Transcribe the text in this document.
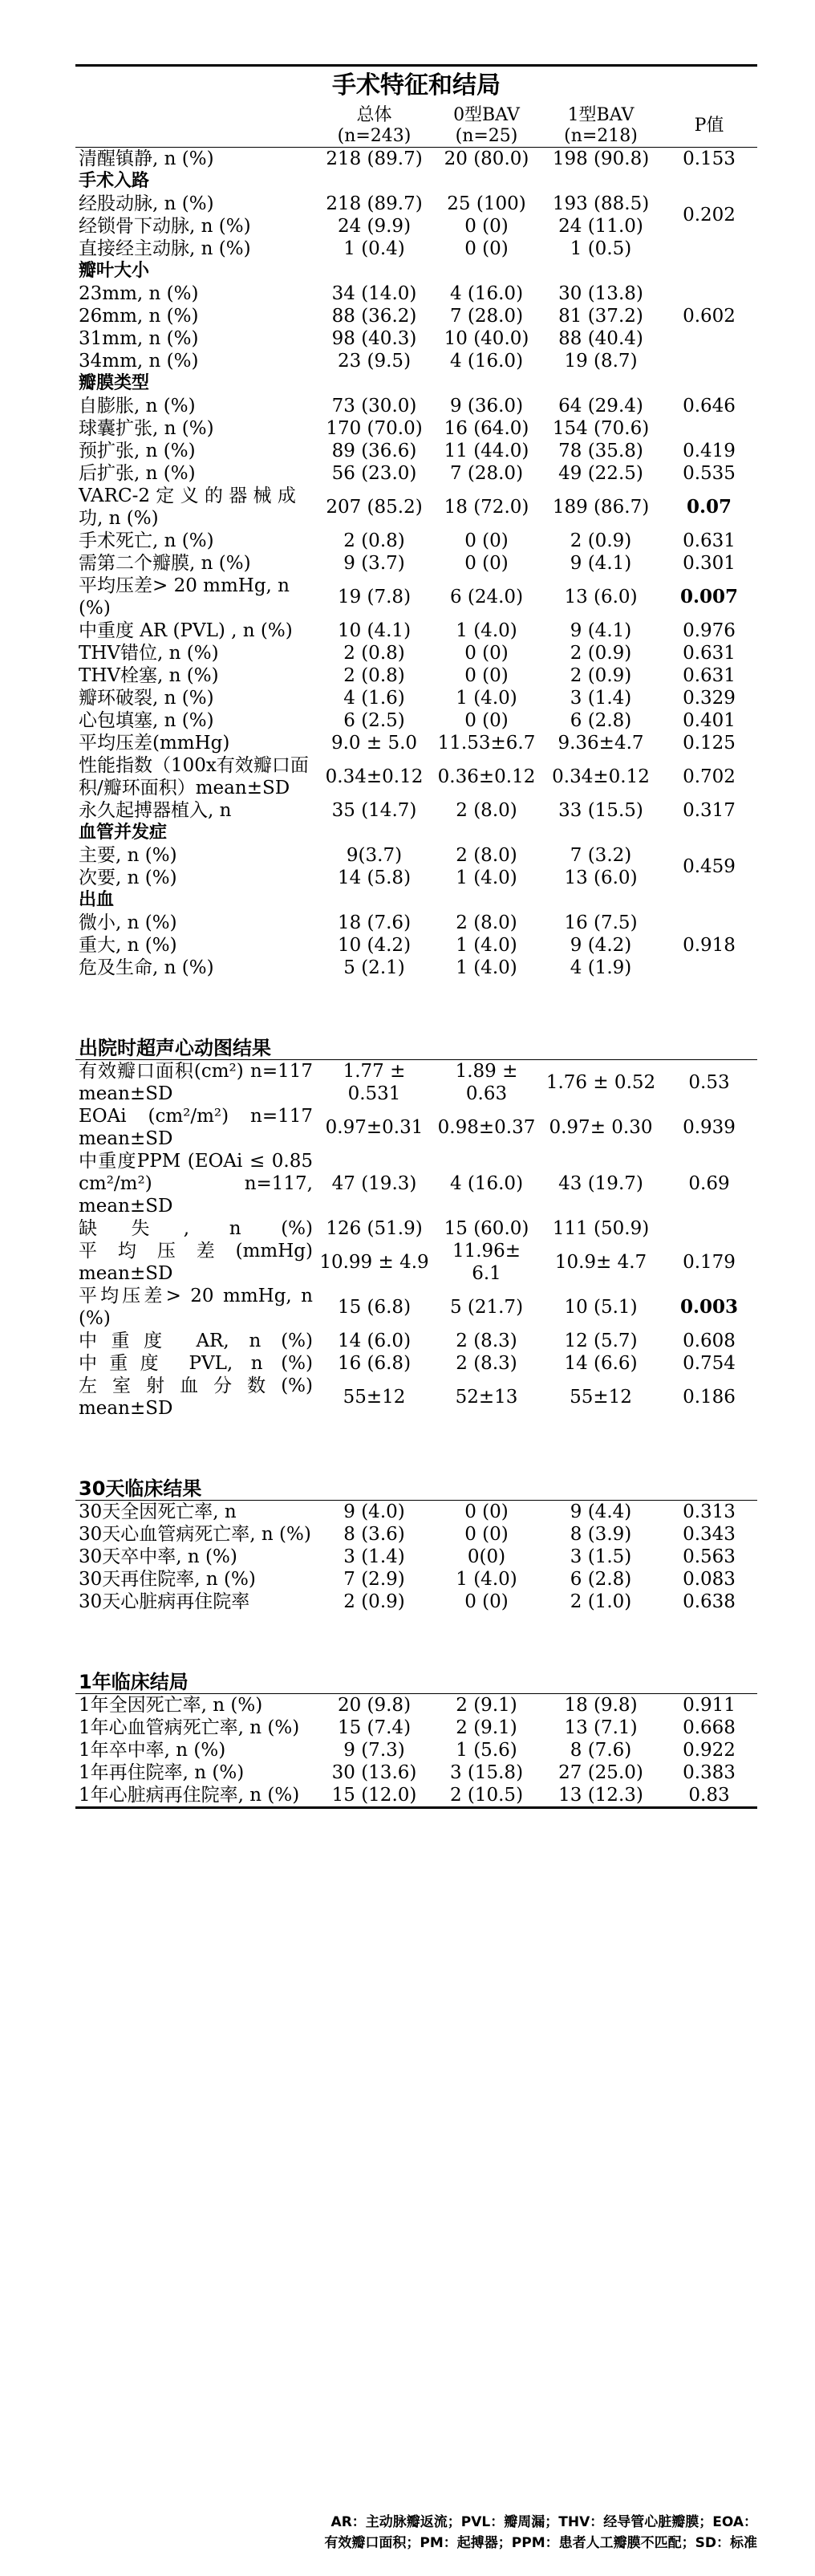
手术特征和结局				
	总体	0型BAV	1型BAV	P值
	(n=243)	(n=25)	(n=218)	
清醒镇静, n (%)	218 (89.7)	20 (80.0)	198 (90.8)	0.153
手术入路				0.202
经股动脉, n (%)	218 (89.7)	25 (100)	193 (88.5)	
经锁骨下动脉, n (%)	24 (9.9)	0 (0)	24 (11.0)	
直接经主动脉, n (%)	1 (0.4)	0 (0)	1 (0.5)	
瓣叶大小				0.602
23mm, n (%)	34 (14.0)	4 (16.0)	30 (13.8)	
26mm, n (%)	88 (36.2)	7 (28.0)	81 (37.2)	
31mm, n (%)	98 (40.3)	10 (40.0)	88 (40.4)	
34mm, n (%)	23 (9.5)	4 (16.0)	19 (8.7)	
瓣膜类型				0.646
自膨胀, n (%)	73 (30.0)	9 (36.0)	64 (29.4)	
球囊扩张, n (%)	170 (70.0)	16 (64.0)	154 (70.6)	
预扩张, n (%)	89 (36.6)	11 (44.0)	78 (35.8)	0.419
后扩张, n (%)	56 (23.0)	7 (28.0)	49 (22.5)	0.535
VARC-2 定 义 的 器 械 成功, n (%)	207 (85.2)	18 (72.0)	189 (86.7)	0.07
手术死亡, n (%)	2 (0.8)	0 (0)	2 (0.9)	0.631
需第二个瓣膜, n (%)	9 (3.7)	0 (0)	9 (4.1)	0.301
平均压差> 20 mmHg, n (%)	19 (7.8)	6 (24.0)	13 (6.0)	0.007
中重度 AR (PVL) , n (%)	10 (4.1)	1 (4.0)	9 (4.1)	0.976
THV错位, n (%)	2 (0.8)	0 (0)	2 (0.9)	0.631
THV栓塞, n (%)	2 (0.8)	0 (0)	2 (0.9)	0.631
瓣环破裂, n (%)	4 (1.6)	1 (4.0)	3 (1.4)	0.329
心包填塞, n (%)	6 (2.5)	0 (0)	6 (2.8)	0.401
平均压差(mmHg)	9.0 ± 5.0	11.53±6.7	9.36±4.7	0.125
性能指数（100x有效瓣口面积/瓣环面积）mean±SD	0.34±0.12	0.36±0.12	0.34±0.12	0.702
永久起搏器植入, n	35 (14.7)	2 (8.0)	33 (15.5)	0.317
血管并发症				
主要, n (%)	9(3.7)	2 (8.0)	7 (3.2)	0.459
次要, n (%)	14 (5.8)	1 (4.0)	13 (6.0)	
出血				
微小, n (%)	18 (7.6)	2 (8.0)	16 (7.5)	0.918
重大, n (%)	10 (4.2)	1 (4.0)	9 (4.2)	
危及生命, n (%)	5 (2.1)	1 (4.0)	4 (1.9)	

出院时超声心动图结果				
有效瓣口面积(cm²) n=117 mean±SD	1.77 ± 0.531	1.89 ± 0.63	1.76 ± 0.52	0.53
EOAi (cm²/m²) n=117 mean±SD	0.97±0.31	0.98±0.37	0.97± 0.30	0.939
中重度PPM (EOAi ≤ 0.85 cm²/m²) n=117, mean±SD	47 (19.3)	4 (16.0)	43 (19.7)	0.69
缺失, n (%)	126 (51.9)	15 (60.0)	111 (50.9)	
平 均 压 差 (mmHg) mean±SD	10.99 ± 4.9	11.96± 6.1	10.9± 4.7	0.179
平均压差> 20 mmHg, n (%)	15 (6.8)	5 (21.7)	10 (5.1)	0.003
中重度 AR, n (%)	14 (6.0)	2 (8.3)	12 (5.7)	0.608
中重度 PVL, n (%)	16 (6.8)	2 (8.3)	14 (6.6)	0.754
左 室 射 血 分 数 (%) mean±SD	55±12	52±13	55±12	0.186

30天临床结果				
30天全因死亡率, n	9 (4.0)	0 (0)	9 (4.4)	0.313
30天心血管病死亡率, n (%)	8 (3.6)	0 (0)	8 (3.9)	0.343
30天卒中率, n (%)	3 (1.4)	0(0)	3 (1.5)	0.563
30天再住院率, n (%)	7 (2.9)	1 (4.0)	6 (2.8)	0.083
30天心脏病再住院率	2 (0.9)	0 (0)	2 (1.0)	0.638

1年临床结局				
1年全因死亡率, n (%)	20 (9.8)	2 (9.1)	18 (9.8)	0.911
1年心血管病死亡率, n (%)	15 (7.4)	2 (9.1)	13 (7.1)	0.668
1年卒中率, n (%)	9 (7.3)	1 (5.6)	8 (7.6)	0.922
1年再住院率, n (%)	30 (13.6)	3 (15.8)	27 (25.0)	0.383
1年心脏病再住院率, n (%)	15 (12.0)	2 (10.5)	13 (12.3)	0.83
AR：主动脉瓣返流；PVL：瓣周漏；THV：经导管心脏瓣膜；EOA：
有效瓣口面积；PM：起搏器；PPM：患者人工瓣膜不匹配；SD：标准
